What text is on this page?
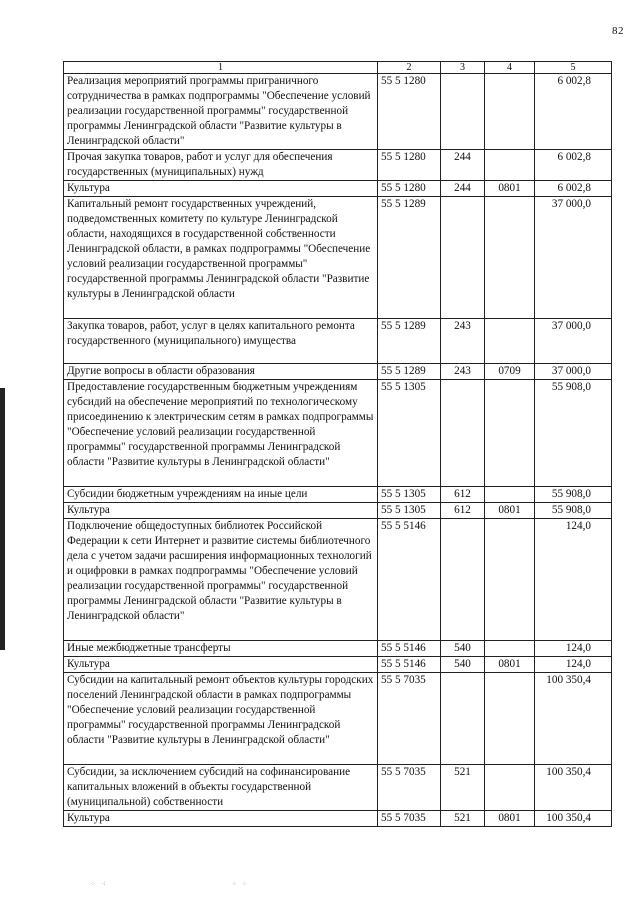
82
1	2	3	4	5
Реализация мероприятий программы приграничного сотрудничества в рамках подпрограммы "Обеспечение условий реализации государственной программы" государственной программы Ленинградской области "Развитие культуры в Ленинградской области"	55 5 1280			6 002,8
Прочая закупка товаров, работ и услуг для обеспечения государственных (муниципальных) нужд	55 5 1280	244		6 002,8
Культура	55 5 1280	244	0801	6 002,8
Капитальный ремонт государственных учреждений, подведомственных комитету по культуре Ленинградской области, находящихся в государственной собственности Ленинградской области, в рамках подпрограммы "Обеспечение условий реализации государственной программы" государственной программы Ленинградской области "Развитие культуры в Ленинградской области	55 5 1289			37 000,0
Закупка товаров, работ, услуг в целях капитального ремонта государственного (муниципального) имущества	55 5 1289	243		37 000,0
Другие вопросы в области образования	55 5 1289	243	0709	37 000,0
Предоставление государственным бюджетным учреждениям субсидий на обеспечение мероприятий по технологическому присоединению к электрическим сетям в рамках подпрограммы "Обеспечение условий реализации государственной программы" государственной программы Ленинградской области "Развитие культуры в Ленинградской области"	55 5 1305			55 908,0
Субсидии бюджетным учреждениям на иные цели	55 5 1305	612		55 908,0
Культура	55 5 1305	612	0801	55 908,0
Подключение общедоступных библиотек Российской Федерации к сети Интернет и развитие системы библиотечного дела с учетом задачи расширения информационных технологий и оцифровки в рамках подпрограммы "Обеспечение условий реализации государственной программы" государственной программы Ленинградской области "Развитие культуры в Ленинградской области"	55 5 5146			124,0
Иные межбюджетные трансферты	55 5 5146	540		124,0
Культура	55 5 5146	540	0801	124,0
Субсидии на капитальный ремонт объектов культуры городских поселений Ленинградской области в рамках подпрограммы "Обеспечение условий реализации государственной программы" государственной программы Ленинградской области "Развитие культуры в Ленинградской области"	55 5 7035			100 350,4
Субсидии, за исключением субсидий на софинансирование капитальных вложений в объекты государственной (муниципальной) собственности	55 5 7035	521		100 350,4
Культура	55 5 7035	521	0801	100 350,4
⁘ ⁖	⁖ ⁘
